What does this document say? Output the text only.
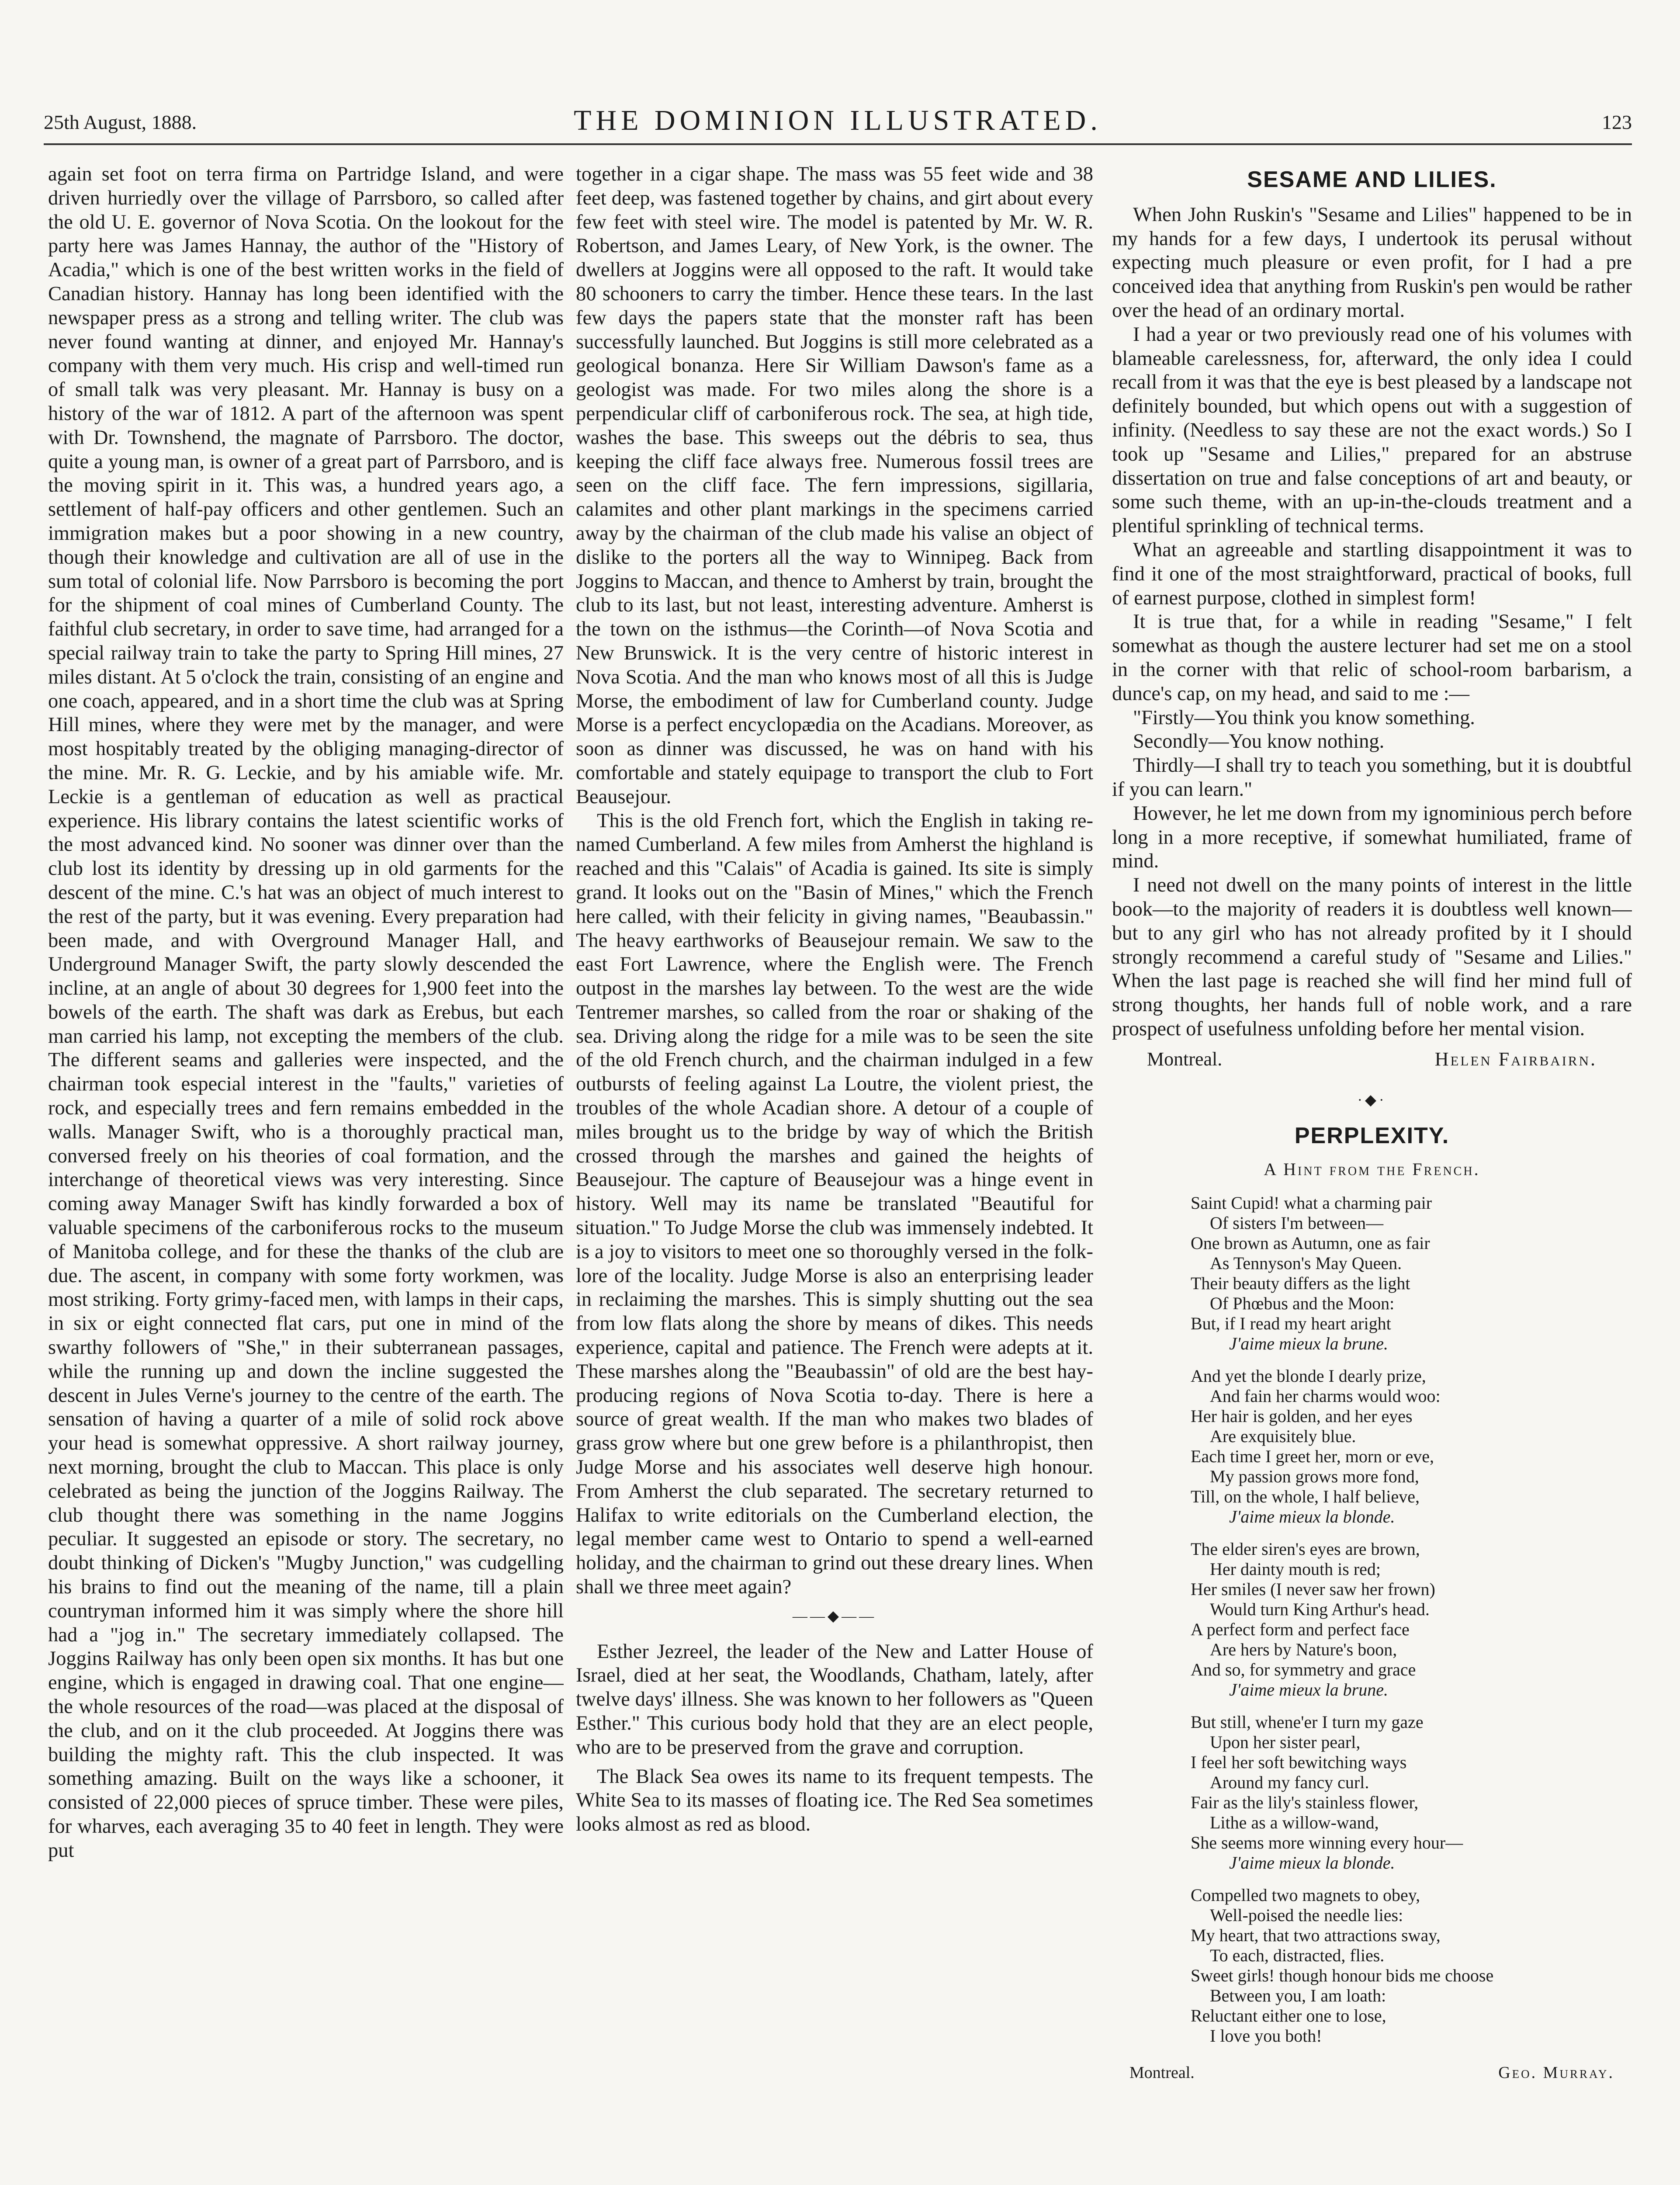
25th August, 1888.	THE DOMINION ILLUSTRATED.	123

again set foot on terra firma on Partridge Island, and were driven hurriedly over the village of Parrsboro, so called after the old U. E. governor of Nova Scotia. On the lookout for the party here was James Hannay, the author of the "History of Acadia," which is one of the best written works in the field of Canadian history. Hannay has long been identified with the newspaper press as a strong and telling writer. The club was never found wanting at dinner, and enjoyed Mr. Hannay's company with them very much. His crisp and well-timed run of small talk was very pleasant. Mr. Hannay is busy on a history of the war of 1812. A part of the afternoon was spent with Dr. Townshend, the magnate of Parrsboro. The doctor, quite a young man, is owner of a great part of Parrsboro, and is the moving spirit in it. This was, a hundred years ago, a settlement of half-pay officers and other gentlemen. Such an immigration makes but a poor showing in a new country, though their knowledge and cultivation are all of use in the sum total of colonial life. Now Parrsboro is becoming the port for the shipment of coal mines of Cumberland County. The faithful club secretary, in order to save time, had arranged for a special railway train to take the party to Spring Hill mines, 27 miles distant. At 5 o'clock the train, consisting of an engine and one coach, appeared, and in a short time the club was at Spring Hill mines, where they were met by the manager, and were most hospitably treated by the obliging managing-director of the mine. Mr. R. G. Leckie, and by his amiable wife. Mr. Leckie is a gentleman of education as well as practical experience. His library contains the latest scientific works of the most advanced kind. No sooner was dinner over than the club lost its identity by dressing up in old garments for the descent of the mine. C.'s hat was an object of much interest to the rest of the party, but it was evening. Every preparation had been made, and with Overground Manager Hall, and Underground Manager Swift, the party slowly descended the incline, at an angle of about 30 degrees for 1,900 feet into the bowels of the earth. The shaft was dark as Erebus, but each man carried his lamp, not excepting the members of the club. The different seams and galleries were inspected, and the chairman took especial interest in the "faults," varieties of rock, and especially trees and fern remains embedded in the walls. Manager Swift, who is a thoroughly practical man, conversed freely on his theories of coal formation, and the interchange of theoretical views was very interesting. Since coming away Manager Swift has kindly forwarded a box of valuable specimens of the carboniferous rocks to the museum of Manitoba college, and for these the thanks of the club are due. The ascent, in company with some forty workmen, was most striking. Forty grimy-faced men, with lamps in their caps, in six or eight connected flat cars, put one in mind of the swarthy followers of "She," in their subterranean passages, while the running up and down the incline suggested the descent in Jules Verne's journey to the centre of the earth. The sensation of having a quarter of a mile of solid rock above your head is somewhat oppressive. A short railway journey, next morning, brought the club to Maccan. This place is only celebrated as being the junction of the Joggins Railway. The club thought there was something in the name Joggins peculiar. It suggested an episode or story. The secretary, no doubt thinking of Dicken's "Mugby Junction," was cudgelling his brains to find out the meaning of the name, till a plain countryman informed him it was simply where the shore hill had a "jog in." The secretary immediately collapsed. The Joggins Railway has only been open six months. It has but one engine, which is engaged in drawing coal. That one engine—the whole resources of the road—was placed at the disposal of the club, and on it the club proceeded. At Joggins there was building the mighty raft. This the club inspected. It was something amazing. Built on the ways like a schooner, it consisted of 22,000 pieces of spruce timber. These were piles, for wharves, each averaging 35 to 40 feet in length. They were put

together in a cigar shape. The mass was 55 feet wide and 38 feet deep, was fastened together by chains, and girt about every few feet with steel wire. The model is patented by Mr. W. R. Robertson, and James Leary, of New York, is the owner. The dwellers at Joggins were all opposed to the raft. It would take 80 schooners to carry the timber. Hence these tears. In the last few days the papers state that the monster raft has been successfully launched. But Joggins is still more celebrated as a geological bonanza. Here Sir William Dawson's fame as a geologist was made. For two miles along the shore is a perpendicular cliff of carboniferous rock. The sea, at high tide, washes the base. This sweeps out the débris to sea, thus keeping the cliff face always free. Numerous fossil trees are seen on the cliff face. The fern impressions, sigillaria, calamites and other plant markings in the specimens carried away by the chairman of the club made his valise an object of dislike to the porters all the way to Winnipeg. Back from Joggins to Maccan, and thence to Amherst by train, brought the club to its last, but not least, interesting adventure. Amherst is the town on the isthmus—the Corinth—of Nova Scotia and New Brunswick. It is the very centre of historic interest in Nova Scotia. And the man who knows most of all this is Judge Morse, the embodiment of law for Cumberland county. Judge Morse is a perfect encyclopædia on the Acadians. Moreover, as soon as dinner was discussed, he was on hand with his comfortable and stately equipage to transport the club to Fort Beausejour.

This is the old French fort, which the English in taking re-named Cumberland. A few miles from Amherst the highland is reached and this "Calais" of Acadia is gained. Its site is simply grand. It looks out on the "Basin of Mines," which the French here called, with their felicity in giving names, "Beaubassin." The heavy earthworks of Beausejour remain. We saw to the east Fort Lawrence, where the English were. The French outpost in the marshes lay between. To the west are the wide Tentremer marshes, so called from the roar or shaking of the sea. Driving along the ridge for a mile was to be seen the site of the old French church, and the chairman indulged in a few outbursts of feeling against La Loutre, the violent priest, the troubles of the whole Acadian shore. A detour of a couple of miles brought us to the bridge by way of which the British crossed through the marshes and gained the heights of Beausejour. The capture of Beausejour was a hinge event in history. Well may its name be translated "Beautiful for situation." To Judge Morse the club was immensely indebted. It is a joy to visitors to meet one so thoroughly versed in the folk-lore of the locality. Judge Morse is also an enterprising leader in reclaiming the marshes. This is simply shutting out the sea from low flats along the shore by means of dikes. This needs experience, capital and patience. The French were adepts at it. These marshes along the "Beaubassin" of old are the best hay-producing regions of Nova Scotia to-day. There is here a source of great wealth. If the man who makes two blades of grass grow where but one grew before is a philanthropist, then Judge Morse and his associates well deserve high honour. From Amherst the club separated. The secretary returned to Halifax to write editorials on the Cumberland election, the legal member came west to Ontario to spend a well-earned holiday, and the chairman to grind out these dreary lines. When shall we three meet again?

——◆——

Esther Jezreel, the leader of the New and Latter House of Israel, died at her seat, the Woodlands, Chatham, lately, after twelve days' illness. She was known to her followers as "Queen Esther." This curious body hold that they are an elect people, who are to be preserved from the grave and corruption.

The Black Sea owes its name to its frequent tempests. The White Sea to its masses of floating ice. The Red Sea sometimes looks almost as red as blood.

SESAME AND LILIES.

When John Ruskin's "Sesame and Lilies" happened to be in my hands for a few days, I undertook its perusal without expecting much pleasure or even profit, for I had a pre conceived idea that anything from Ruskin's pen would be rather over the head of an ordinary mortal.

I had a year or two previously read one of his volumes with blameable carelessness, for, afterward, the only idea I could recall from it was that the eye is best pleased by a landscape not definitely bounded, but which opens out with a suggestion of infinity. (Needless to say these are not the exact words.) So I took up "Sesame and Lilies," prepared for an abstruse dissertation on true and false conceptions of art and beauty, or some such theme, with an up-in-the-clouds treatment and a plentiful sprinkling of technical terms.

What an agreeable and startling disappointment it was to find it one of the most straightforward, practical of books, full of earnest purpose, clothed in simplest form!

It is true that, for a while in reading "Sesame," I felt somewhat as though the austere lecturer had set me on a stool in the corner with that relic of school-room barbarism, a dunce's cap, on my head, and said to me :—

"Firstly—You think you know something.

Secondly—You know nothing.

Thirdly—I shall try to teach you something, but it is doubtful if you can learn."

However, he let me down from my ignominious perch before long in a more receptive, if somewhat humiliated, frame of mind.

I need not dwell on the many points of interest in the little book—to the majority of readers it is doubtless well known—but to any girl who has not already profited by it I should strongly recommend a careful study of "Sesame and Lilies." When the last page is reached she will find her mind full of strong thoughts, her hands full of noble work, and a rare prospect of usefulness unfolding before her mental vision.

Montreal.	Helen Fairbairn.
·◆·
PERPLEXITY.
A Hint from the French.
Saint Cupid! what a charming pair
Of sisters I'm between—
One brown as Autumn, one as fair
As Tennyson's May Queen.
Their beauty differs as the light
Of Phœbus and the Moon:
But, if I read my heart aright
J'aime mieux la brune.
And yet the blonde I dearly prize,
And fain her charms would woo:
Her hair is golden, and her eyes
Are exquisitely blue.
Each time I greet her, morn or eve,
My passion grows more fond,
Till, on the whole, I half believe,
J'aime mieux la blonde.
The elder siren's eyes are brown,
Her dainty mouth is red;
Her smiles (I never saw her frown)
Would turn King Arthur's head.
A perfect form and perfect face
Are hers by Nature's boon,
And so, for symmetry and grace
J'aime mieux la brune.
But still, whene'er I turn my gaze
Upon her sister pearl,
I feel her soft bewitching ways
Around my fancy curl.
Fair as the lily's stainless flower,
Lithe as a willow-wand,
She seems more winning every hour—
J'aime mieux la blonde.
Compelled two magnets to obey,
Well-poised the needle lies:
My heart, that two attractions sway,
To each, distracted, flies.
Sweet girls! though honour bids me choose
Between you, I am loath:
Reluctant either one to lose,
I love you both!
Montreal.	Geo. Murray.
